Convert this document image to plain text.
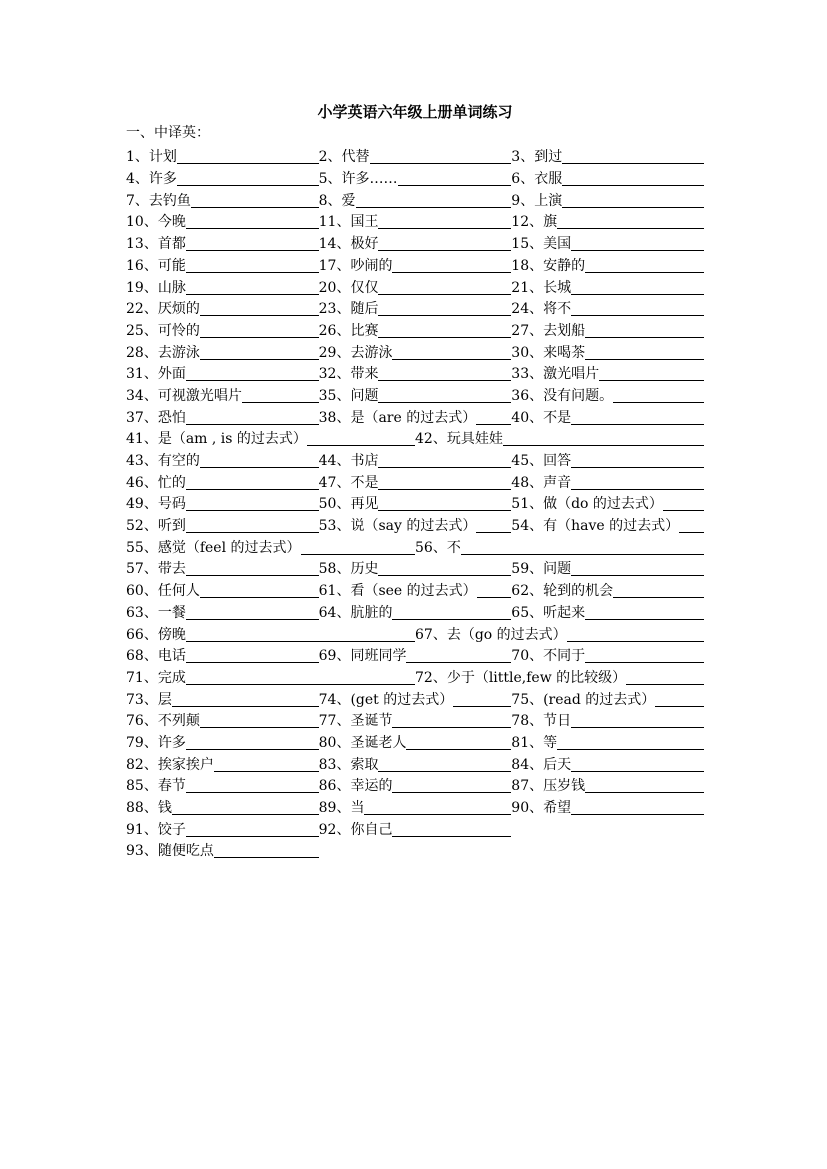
小学英语六年级上册单词练习
一、中译英：
1、计划	2、代替	3、到过
4、许多	5、许多……	6、衣服
7、去钓鱼	8、爱	9、上演
10、今晚	11、国王	12、旗
13、首都	14、极好	15、美国
16、可能	17、吵闹的	18、安静的
19、山脉	20、仅仅	21、长城
22、厌烦的	23、随后	24、将不
25、可怜的	26、比赛	27、去划船
28、去游泳	29、去游泳	30、来喝茶
31、外面	32、带来	33、激光唱片
34、可视激光唱片	35、问题	36、没有问题。
37、恐怕	38、是（are 的过去式）	40、不是
41、是（am , is 的过去式）	42、玩具娃娃
43、有空的	44、书店	45、回答
46、忙的	47、不是	48、声音
49、号码	50、再见	51、做（do 的过去式）
52、听到	53、说（say 的过去式） 54、有（have 的过去式）
55、感觉（feel 的过去式）	56、不
57、带去	58、历史	59、问题
60、任何人	61、看（see 的过去式） 62、轮到的机会
63、一餐	64、肮脏的	65、听起来
66、傍晚	67、去（go 的过去式）
68、电话	69、同班同学	70、不同于
71、完成	72、少于（little,few 的比较级）
73、层	74、(get 的过去式）	75、(read 的过去式）
76、不列颠	77、圣诞节	78、节日
79、许多	80、圣诞老人	81、等
82、挨家挨户	83、索取	84、后天
85、春节	86、幸运的	87、压岁钱
88、钱	89、当	90、希望
91、饺子	92、你自己
93、随便吃点
